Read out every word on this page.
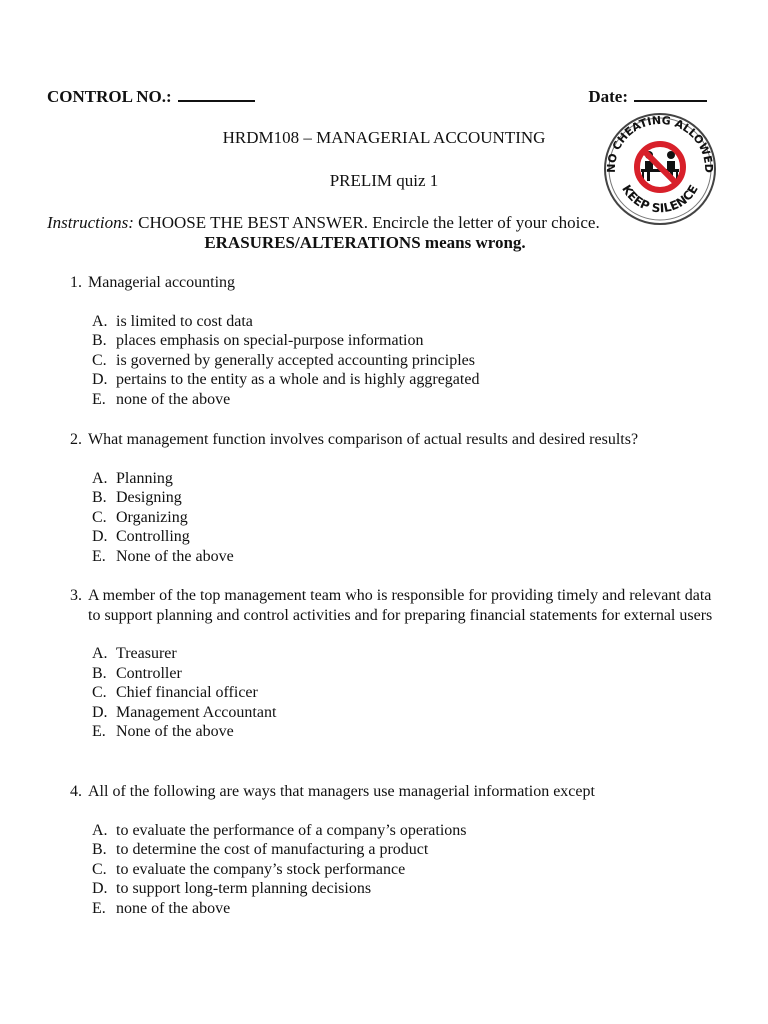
CONTROL NO.:	Date:
HRDM108 – MANAGERIAL ACCOUNTING
PRELIM quiz 1
Instructions: CHOOSE THE BEST ANSWER. Encircle the letter of your choice.
ERASURES/ALTERATIONS means wrong.
NO CHEATING ALLOWED
KEEP SILENCE
1. Managerial accounting
A. is limited to cost data
B. places emphasis on special-purpose information
C. is governed by generally accepted accounting principles
D. pertains to the entity as a whole and is highly aggregated
E. none of the above
2. What management function involves comparison of actual results and desired results?
A. Planning
B. Designing
C. Organizing
D. Controlling
E. None of the above
3. A member of the top management team who is responsible for providing timely and relevant data to support planning and control activities and for preparing financial statements for external users
A. Treasurer
B. Controller
C. Chief financial officer
D. Management Accountant
E. None of the above
4. All of the following are ways that managers use managerial information except
A. to evaluate the performance of a company’s operations
B. to determine the cost of manufacturing a product
C. to evaluate the company’s stock performance
D. to support long-term planning decisions
E. none of the above
